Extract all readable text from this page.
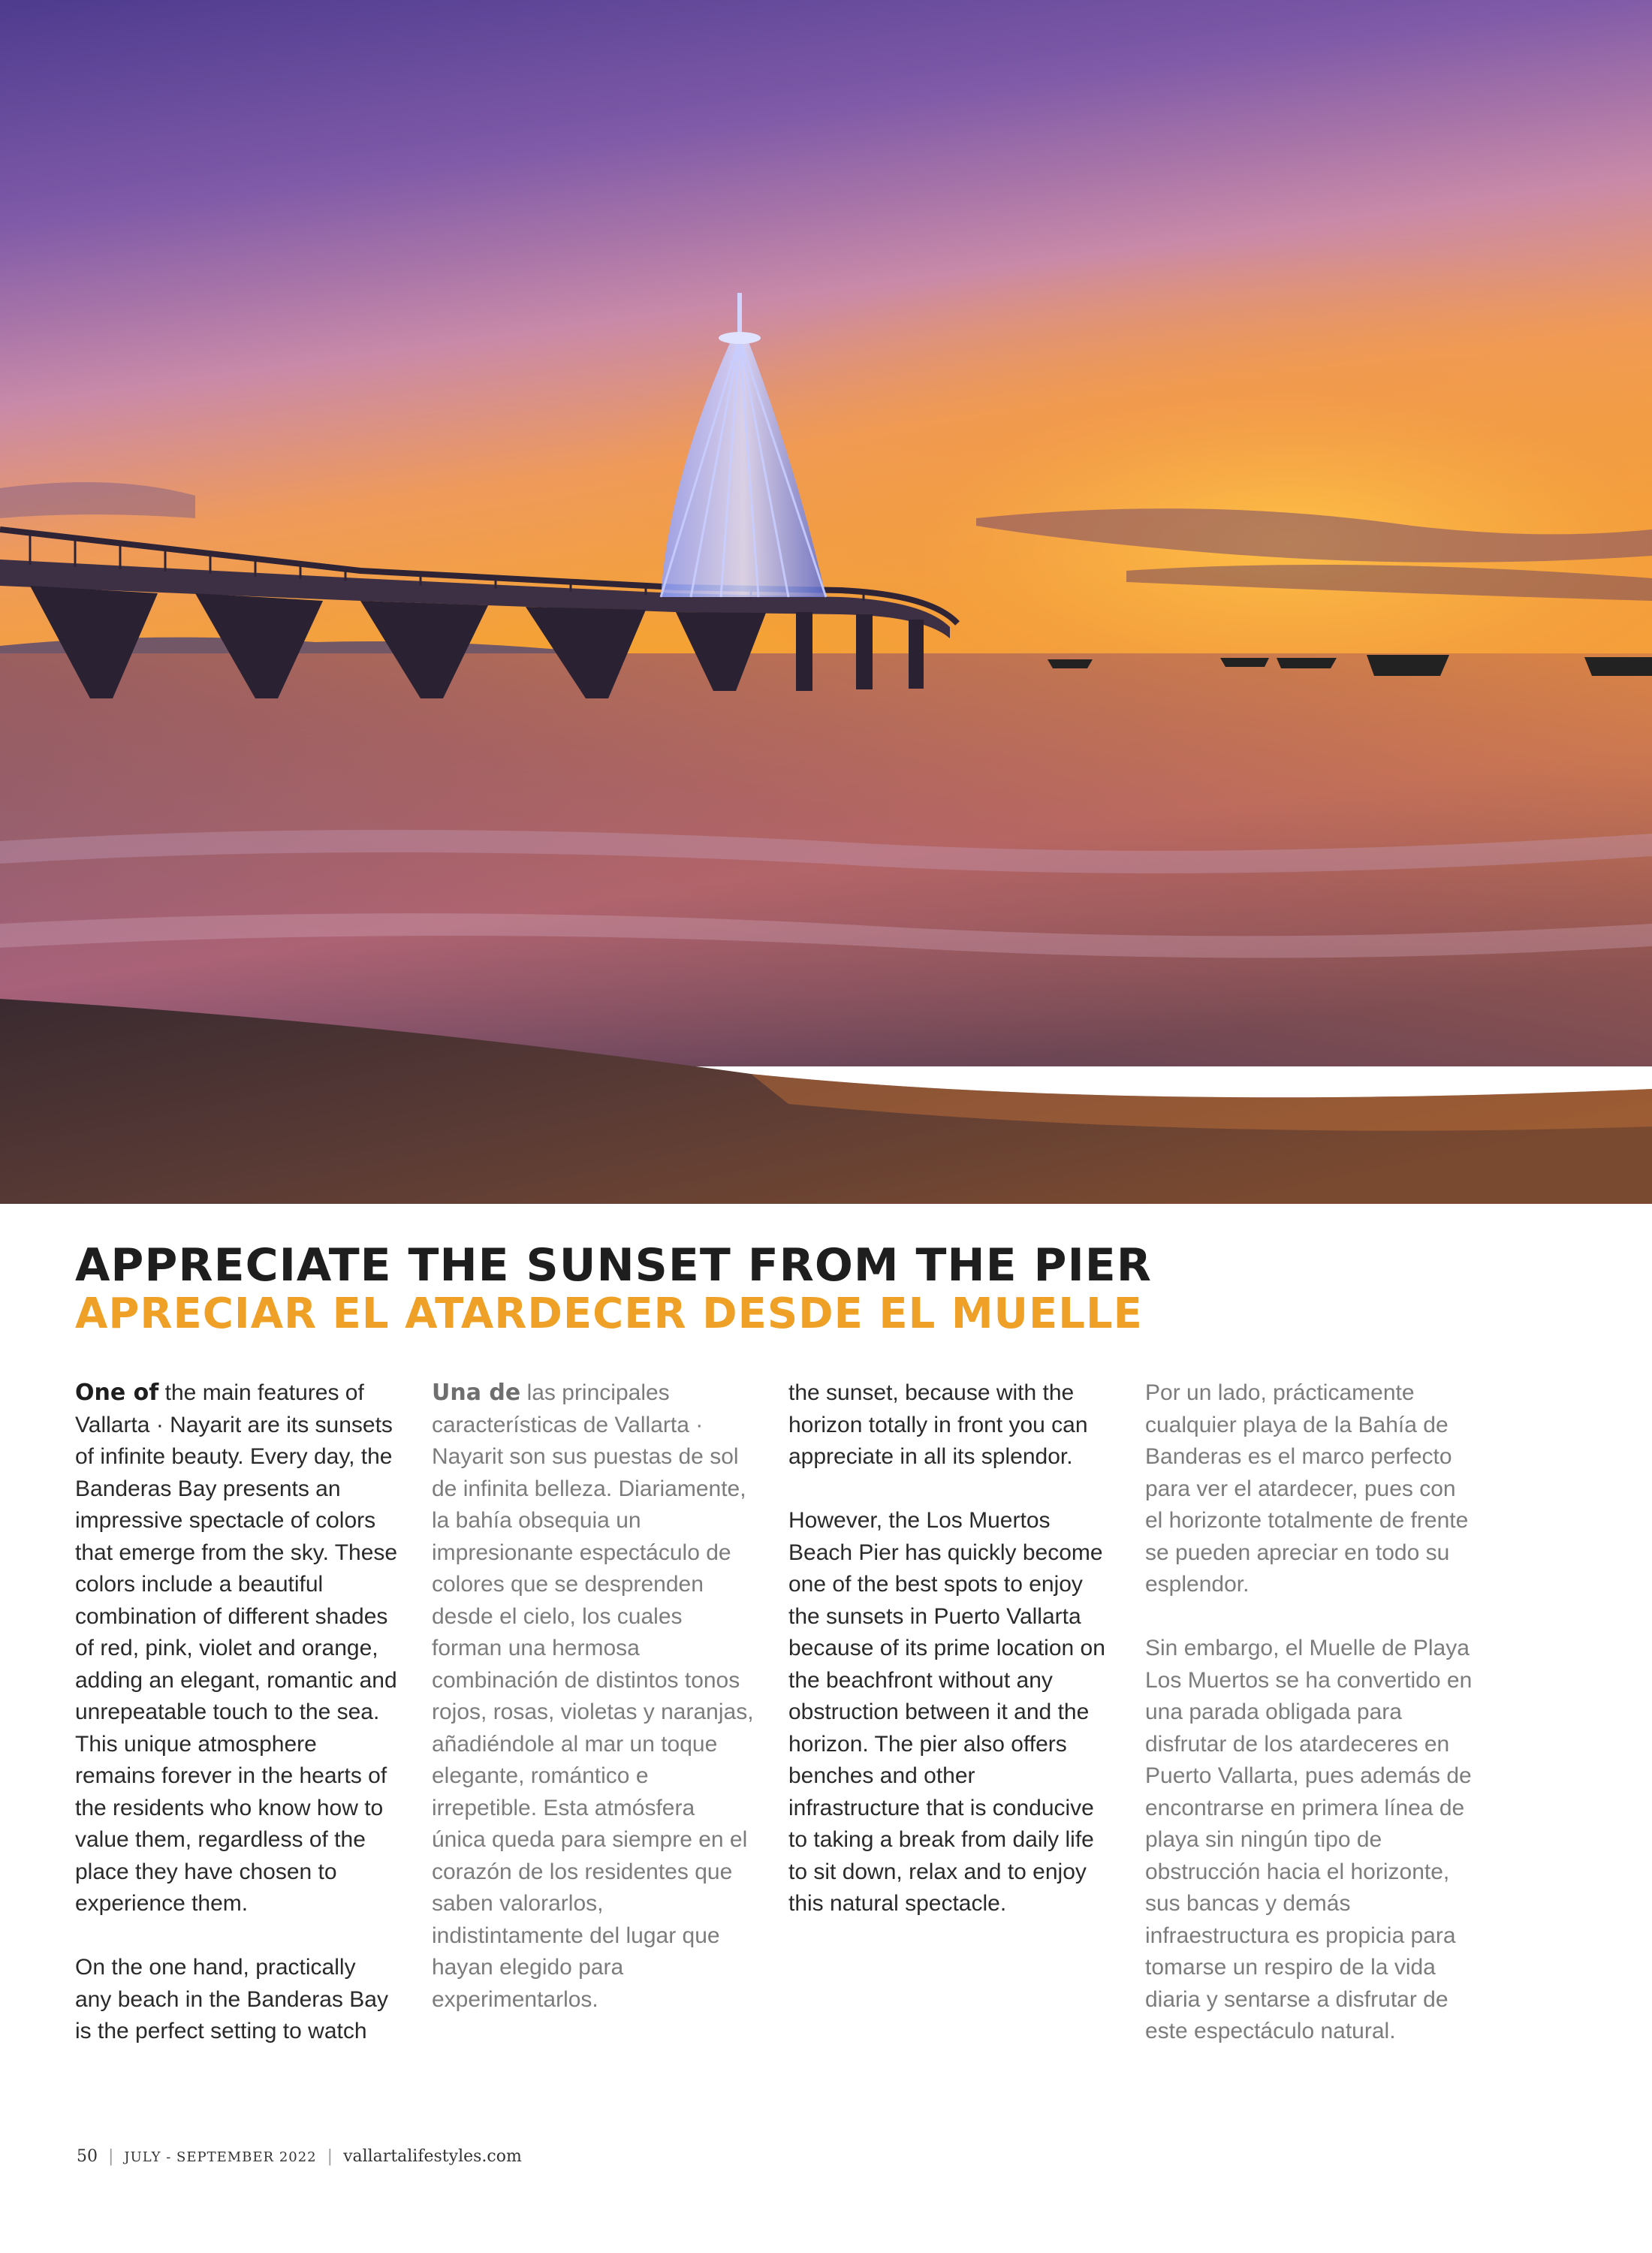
APPRECIATE THE SUNSET FROM THE PIER
APRECIAR EL ATARDECER DESDE EL MUELLE

One of the main features of Vallarta · Nayarit are its sunsets of infinite beauty. Every day, the Banderas Bay presents an impressive spectacle of colors that emerge from the sky. These colors include a beautiful combination of different shades of red, pink, violet and orange, adding an elegant, romantic and unrepeatable touch to the sea. This unique atmosphere remains forever in the hearts of the residents who know how to value them, regardless of the place they have chosen to experience them.

On the one hand, practically any beach in the Banderas Bay is the perfect setting to watch

Una de las principales características de Vallarta · Nayarit son sus puestas de sol de infinita belleza. Diariamente, la bahía obsequia un impresionante espectáculo de colores que se desprenden desde el cielo, los cuales forman una hermosa combinación de distintos tonos rojos, rosas, violetas y naranjas, añadiéndole al mar un toque elegante, romántico e irrepetible. Esta atmósfera única queda para siempre en el corazón de los residentes que saben valorarlos, indistintamente del lugar que hayan elegido para experimentarlos.

the sunset, because with the horizon totally in front you can appreciate in all its splendor.

However, the Los Muertos Beach Pier has quickly become one of the best spots to enjoy the sunsets in Puerto Vallarta because of its prime location on the beachfront without any obstruction between it and the horizon. The pier also offers benches and other infrastructure that is conducive to taking a break from daily life to sit down, relax and to enjoy this natural spectacle.

Por un lado, prácticamente cualquier playa de la Bahía de Banderas es el marco perfecto para ver el atardecer, pues con el horizonte totalmente de frente se pueden apreciar en todo su esplendor.

Sin embargo, el Muelle de Playa Los Muertos se ha convertido en una parada obligada para disfrutar de los atardeceres en Puerto Vallarta, pues además de encontrarse en primera línea de playa sin ningún tipo de obstrucción hacia el horizonte, sus bancas y demás infraestructura es propicia para tomarse un respiro de la vida diaria y sentarse a disfrutar de este espectáculo natural.

50 | JULY - SEPTEMBER 2022 | vallartalifestyles.com
